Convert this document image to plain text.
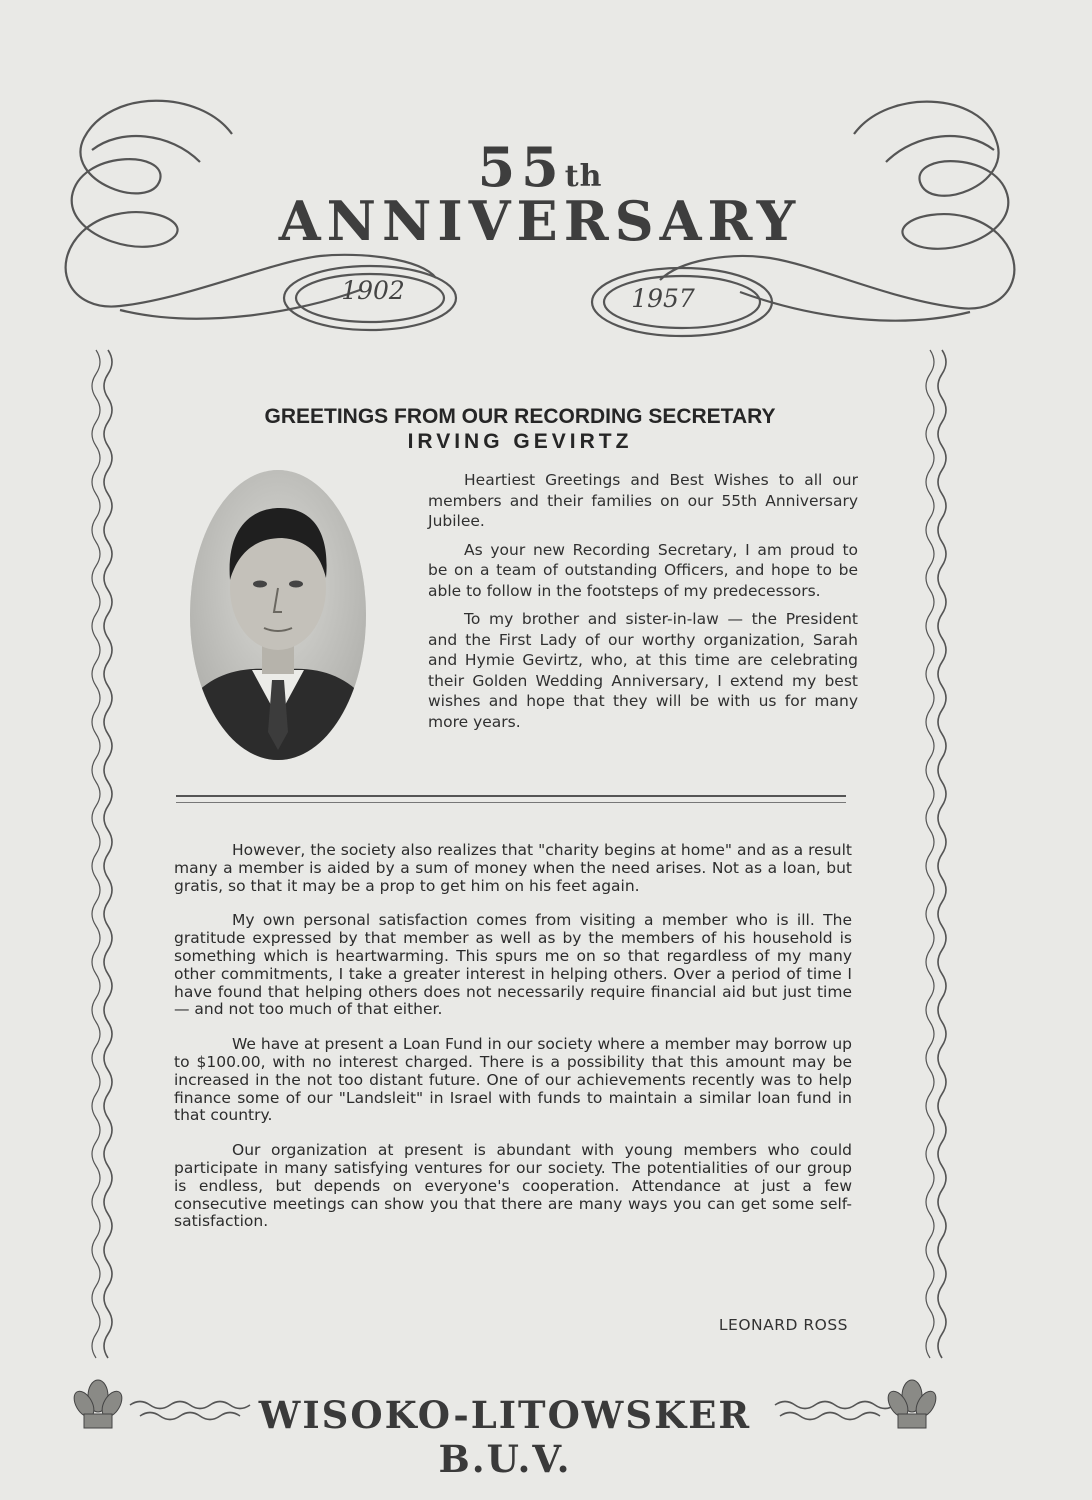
55th ANNIVERSARY
1902	1957
GREETINGS FROM OUR RECORDING SECRETARY
IRVING GEVIRTZ

Heartiest Greetings and Best Wishes to all our members and their families on our 55th Anniversary Jubilee.

As your new Recording Secretary, I am proud to be on a team of outstanding Officers, and hope to be able to follow in the footsteps of my predecessors.

To my brother and sister-in-law — the President and the First Lady of our worthy organization, Sarah and Hymie Gevirtz, who, at this time are celebrating their Golden Wedding Anniversary, I extend my best wishes and hope that they will be with us for many more years.

However, the society also realizes that "charity begins at home" and as a result many a member is aided by a sum of money when the need arises. Not as a loan, but gratis, so that it may be a prop to get him on his feet again.

My own personal satisfaction comes from visiting a member who is ill. The gratitude expressed by that member as well as by the members of his household is something which is heartwarming. This spurs me on so that regardless of my many other commitments, I take a greater interest in helping others. Over a period of time I have found that helping others does not necessarily require financial aid but just time — and not too much of that either.

We have at present a Loan Fund in our society where a member may borrow up to $100.00, with no interest charged. There is a possibility that this amount may be increased in the not too distant future. One of our achievements recently was to help finance some of our "Landsleit" in Israel with funds to maintain a similar loan fund in that country.

Our organization at present is abundant with young members who could participate in many satisfying ventures for our society. The potentialities of our group is endless, but depends on everyone's cooperation. Attendance at just a few consecutive meetings can show you that there are many ways you can get some self-satisfaction.

LEONARD ROSS
WISOKO-LITOWSKER B.U.V.
